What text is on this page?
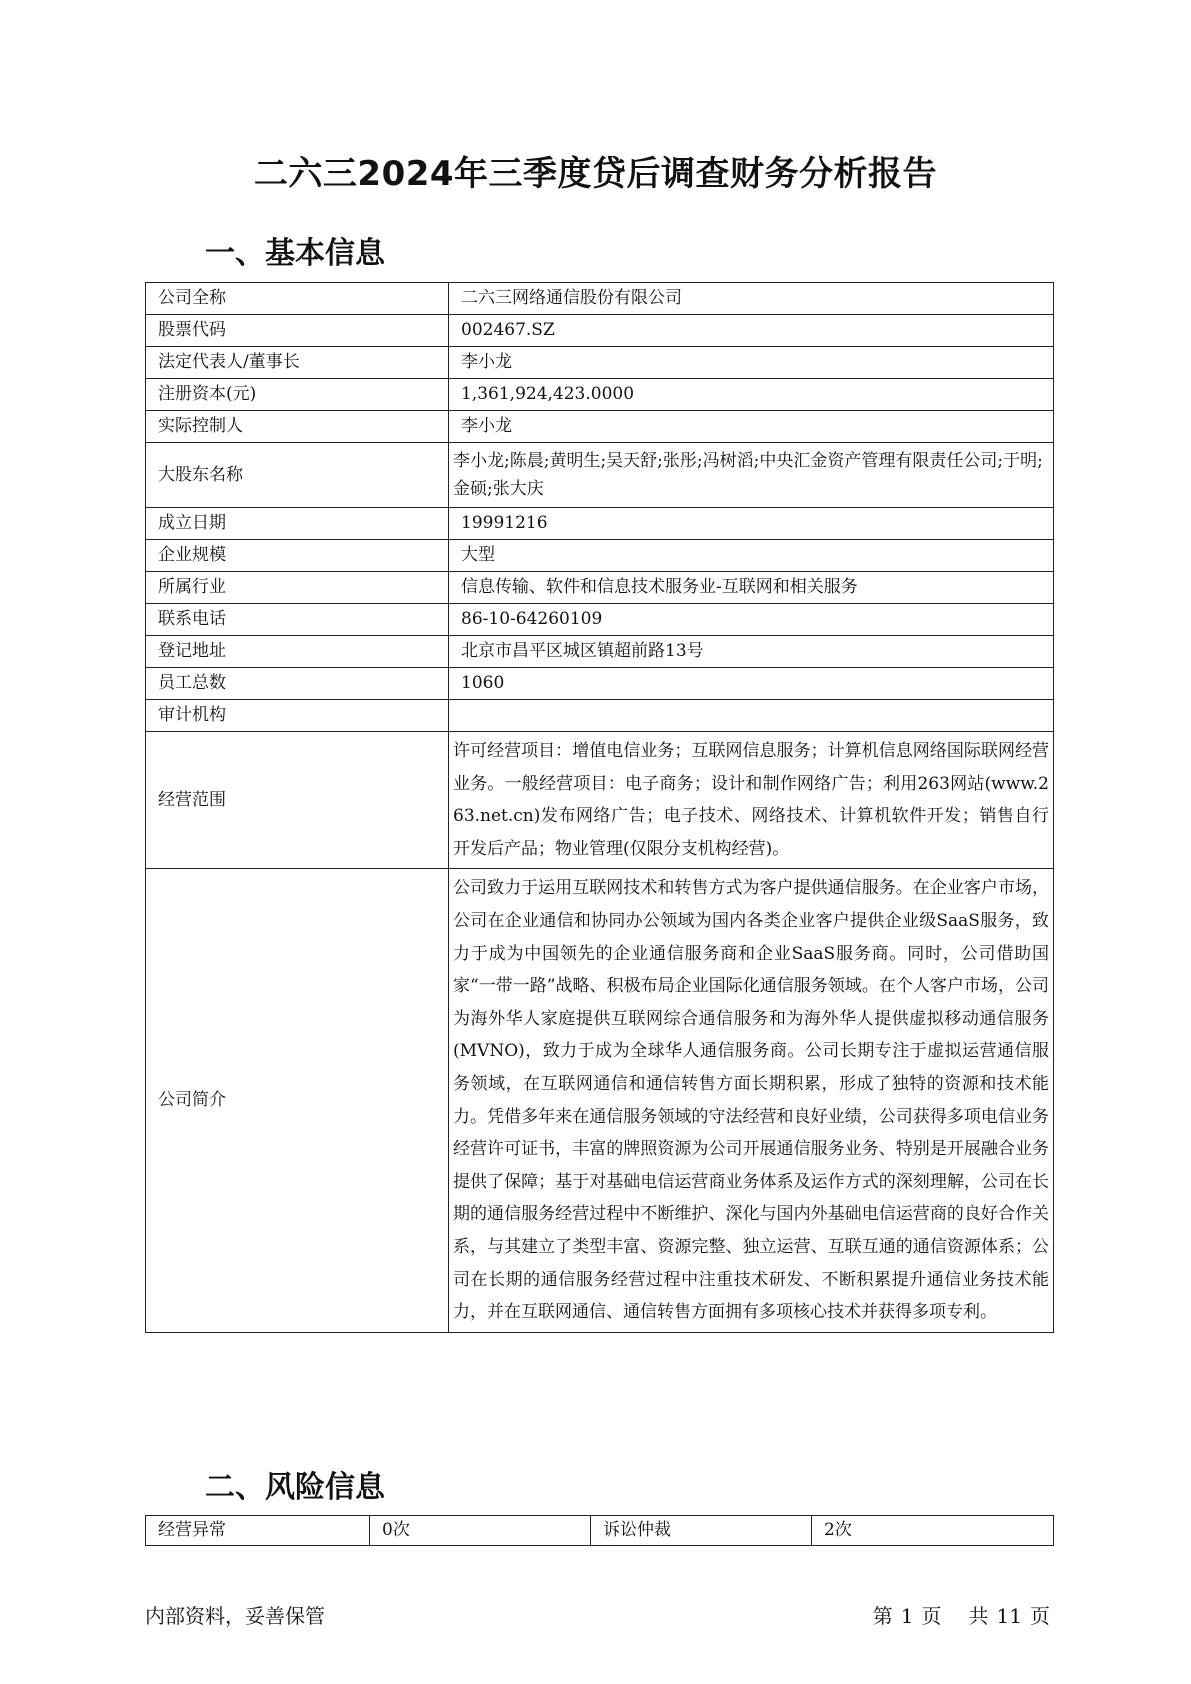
二六三2024年三季度贷后调查财务分析报告
一、基本信息
公司全称	二六三网络通信股份有限公司
股票代码	002467.SZ
法定代表人/董事长	李小龙
注册资本(元)	1,361,924,423.0000
实际控制人	李小龙
大股东名称	李小龙;陈晨;黄明生;吴天舒;张彤;冯树滔;中央汇金资产管理有限责任公司;于明;金硕;张大庆
成立日期	19991216
企业规模	大型
所属行业	信息传输、软件和信息技术服务业-互联网和相关服务
联系电话	86-10-64260109
登记地址	北京市昌平区城区镇超前路13号
员工总数	1060
审计机构	
经营范围	许可经营项目：增值电信业务；互联网信息服务；计算机信息网络国际联网经营业务。一般经营项目：电子商务；设计和制作网络广告；利用263网站(www.263.net.cn)发布网络广告；电子技术、网络技术、计算机软件开发；销售自行开发后产品；物业管理(仅限分支机构经营)。
公司简介	公司致力于运用互联网技术和转售方式为客户提供通信服务。在企业客户市场，公司在企业通信和协同办公领域为国内各类企业客户提供企业级SaaS服务，致力于成为中国领先的企业通信服务商和企业SaaS服务商。同时，公司借助国家“一带一路”战略、积极布局企业国际化通信服务领域。在个人客户市场，公司为海外华人家庭提供互联网综合通信服务和为海外华人提供虚拟移动通信服务(MVNO)，致力于成为全球华人通信服务商。公司长期专注于虚拟运营通信服务领域，在互联网通信和通信转售方面长期积累，形成了独特的资源和技术能力。凭借多年来在通信服务领域的守法经营和良好业绩，公司获得多项电信业务经营许可证书，丰富的牌照资源为公司开展通信服务业务、特别是开展融合业务提供了保障；基于对基础电信运营商业务体系及运作方式的深刻理解，公司在长期的通信服务经营过程中不断维护、深化与国内外基础电信运营商的良好合作关系，与其建立了类型丰富、资源完整、独立运营、互联互通的通信资源体系；公司在长期的通信服务经营过程中注重技术研发、不断积累提升通信业务技术能力，并在互联网通信、通信转售方面拥有多项核心技术并获得多项专利。
二、风险信息
经营异常	0次	诉讼仲裁	2次
内部资料，妥善保管	第 1 页 共 11 页
